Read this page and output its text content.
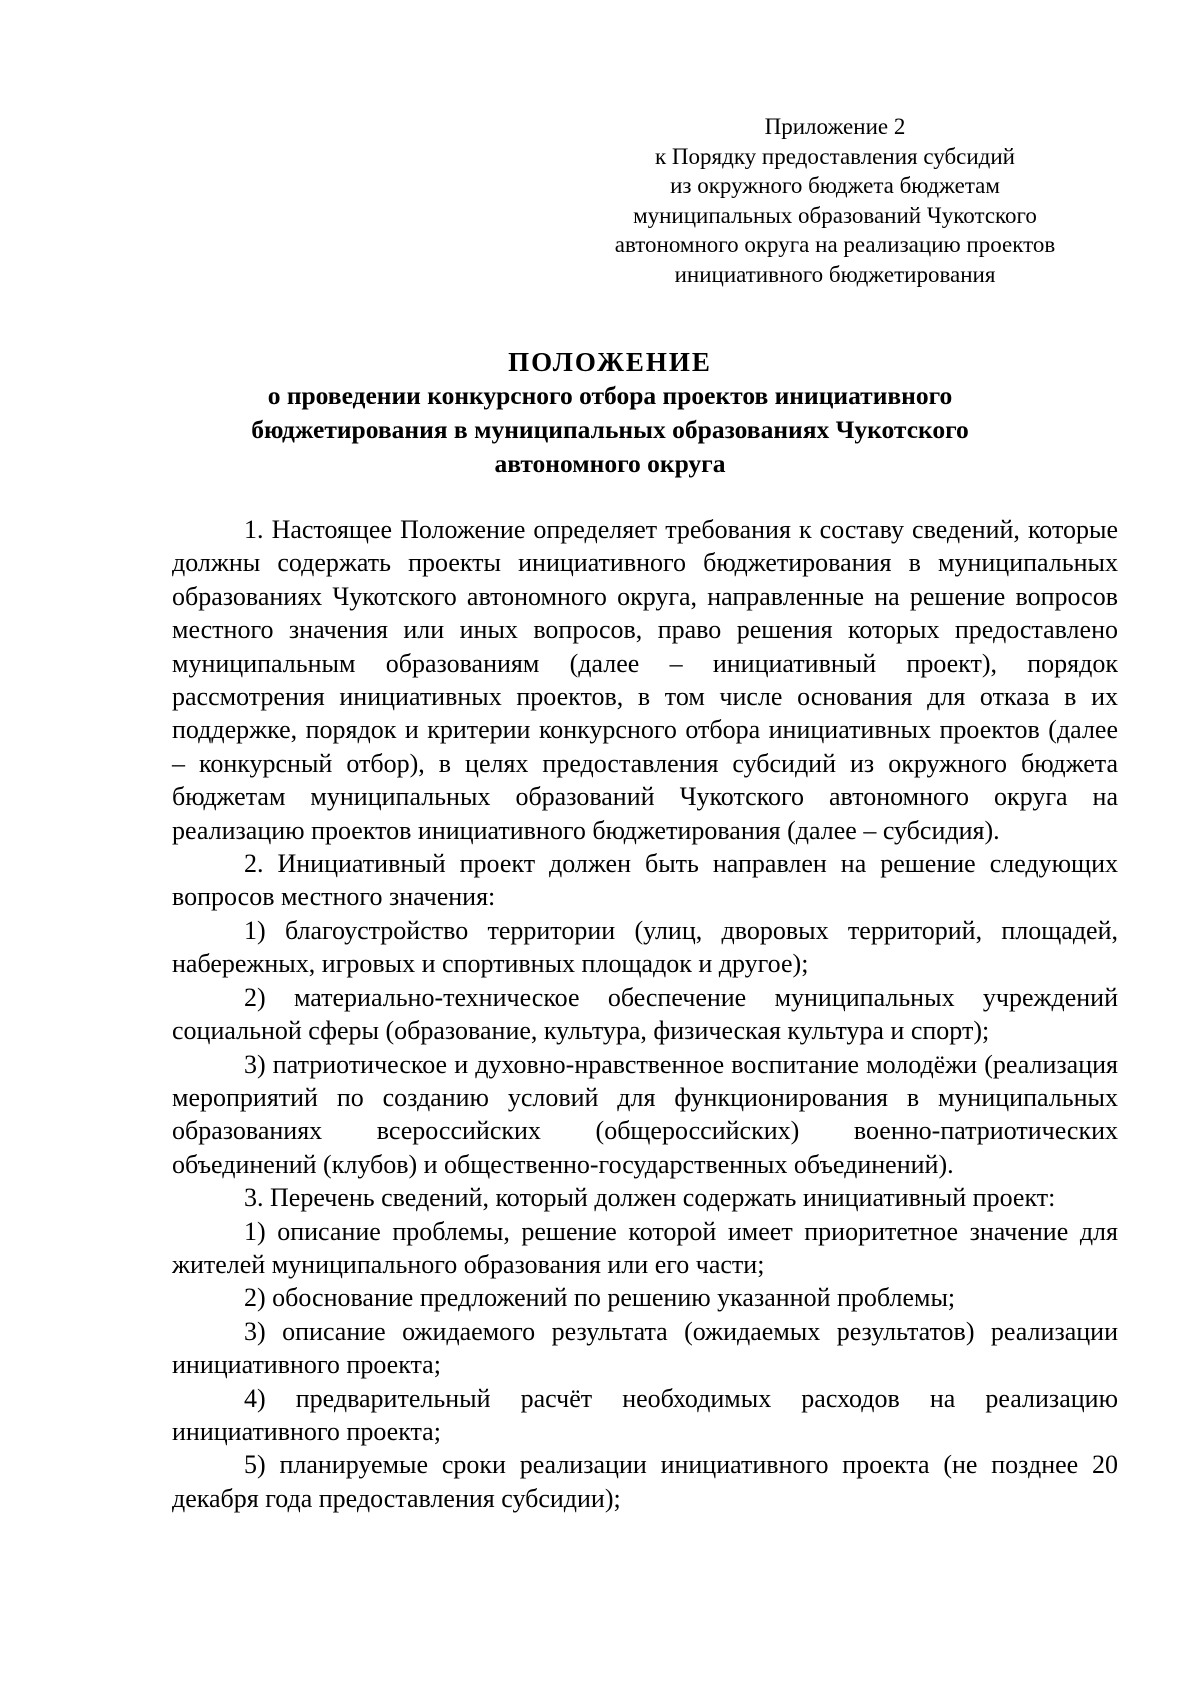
Приложение 2
к Порядку предоставления субсидий
из окружного бюджета бюджетам
муниципальных образований Чукотского
автономного округа на реализацию проектов
инициативного бюджетирования
ПОЛОЖЕНИЕ
о проведении конкурсного отбора проектов инициативного
бюджетирования в муниципальных образованиях Чукотского
автономного округа

1. Настоящее Положение определяет требования к составу сведений, которые должны содержать проекты инициативного бюджетирования в муниципальных образованиях Чукотского автономного округа, направленные на решение вопросов местного значения или иных вопросов, право решения которых предоставлено муниципальным образованиям (далее – инициативный проект), порядок рассмотрения инициативных проектов, в том числе основания для отказа в их поддержке, порядок и критерии конкурсного отбора инициативных проектов (далее – конкурсный отбор), в целях предоставления субсидий из окружного бюджета бюджетам муниципальных образований Чукотского автономного округа на реализацию проектов инициативного бюджетирования (далее – субсидия).

2. Инициативный проект должен быть направлен на решение следующих вопросов местного значения:

1) благоустройство территории (улиц, дворовых территорий, площадей, набережных, игровых и спортивных площадок и другое);

2) материально-техническое обеспечение муниципальных учреждений социальной сферы (образование, культура, физическая культура и спорт);

3) патриотическое и духовно-нравственное воспитание молодёжи (реализация мероприятий по созданию условий для функционирования в муниципальных образованиях всероссийских (общероссийских) военно-патриотических объединений (клубов) и общественно-государственных объединений).

3. Перечень сведений, который должен содержать инициативный проект:

1) описание проблемы, решение которой имеет приоритетное значение для жителей муниципального образования или его части;

2) обоснование предложений по решению указанной проблемы;

3) описание ожидаемого результата (ожидаемых результатов) реализации инициативного проекта;

4) предварительный расчёт необходимых расходов на реализацию инициативного проекта;

5) планируемые сроки реализации инициативного проекта (не позднее 20 декабря года предоставления субсидии);
